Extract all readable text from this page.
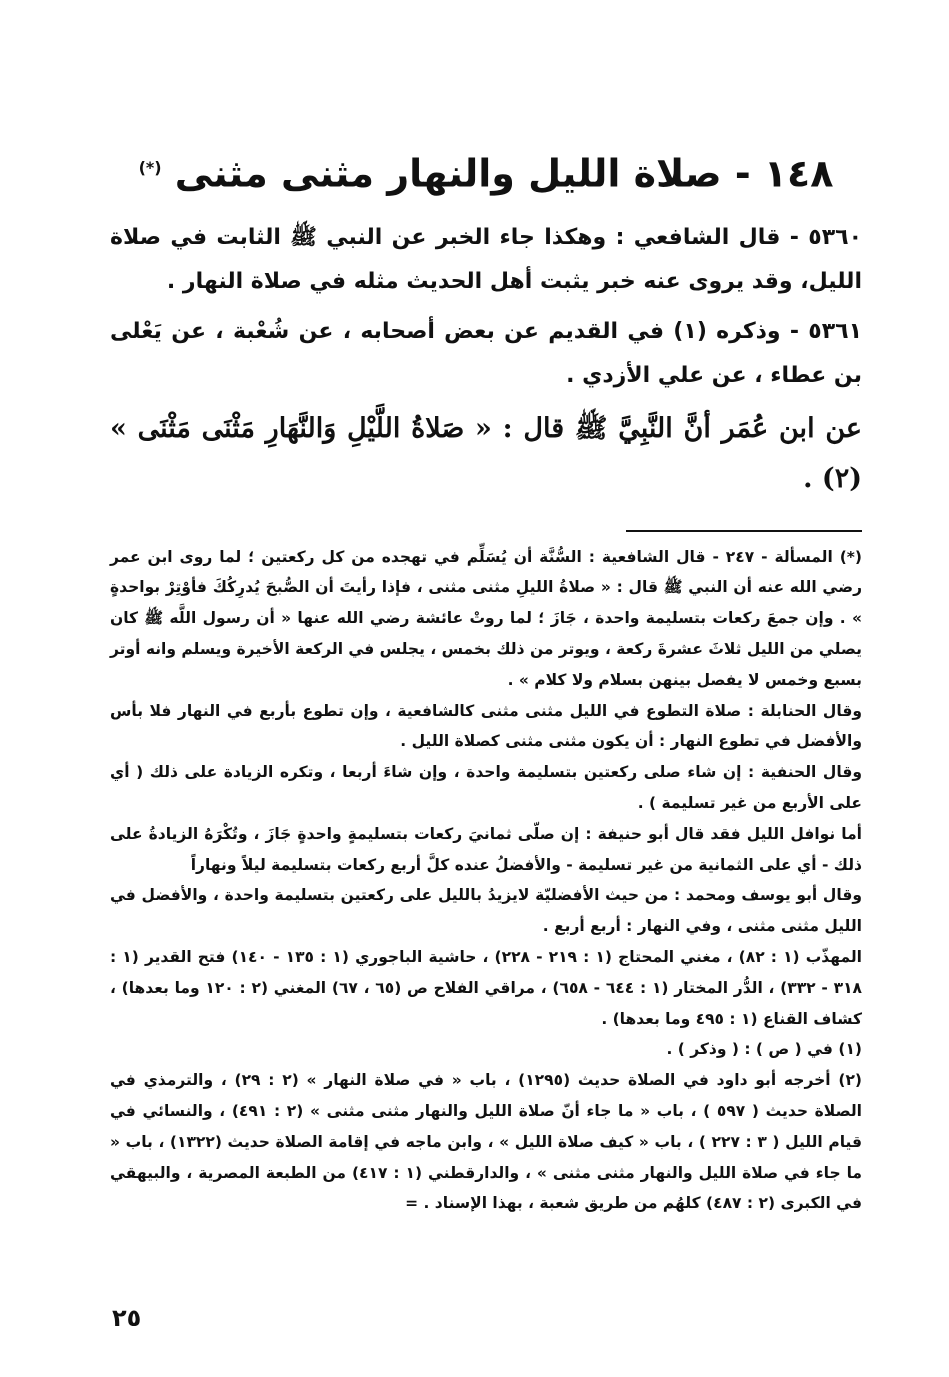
١٤٨ - صلاة الليل والنهار مثنى مثنى (*)

٥٣٦٠ - قال الشافعي : وهكذا جاء الخبر عن النبي ﷺ الثابت في صلاة الليل، وقد يروى عنه خبر يثبت أهل الحديث مثله في صلاة النهار .

٥٣٦١ - وذكره (١) في القديم عن بعض أصحابه ، عن شُعْبة ، عن يَعْلى بن عطاء ، عن علي الأزدي .

عن ابن عُمَر أنَّ النَّبِيَّ ﷺ قال : « صَلاةُ اللَّيْلِ وَالنَّهَارِ مَثْنَى مَثْنَى » (٢) .

(*) المسألة - ٢٤٧ - قال الشافعية : السُّنَّة أن يُسَلِّم في تهجده من كل ركعتين ؛ لما روى ابن عمر رضي الله عنه أن النبي ﷺ قال : « صلاةُ الليلِ مثنى مثنى ، فإذا رأيتَ أن الصُّبحَ يُدرِكُكَ فأوْتِرْ بواحدةٍ » . وإن جمعَ ركعات بتسليمة واحدة ، جَازَ ؛ لما روتْ عائشة رضي الله عنها « أن رسول اللَّه ﷺ كان يصلي من الليل ثلاثَ عشرةَ ركعة ، ويوتر من ذلك بخمس ، يجلس في الركعة الأخيرة ويسلم وانه أوتر بسبع وخمس لا يفصل بينهن بسلام ولا كلام » .

وقال الحنابلة : صلاة التطوع في الليل مثنى مثنى كالشافعية ، وإن تطوع بأربع في النهار فلا بأس والأفضل في تطوع النهار : أن يكون مثنى مثنى كصلاة الليل .

وقال الحنفية : إن شاء صلى ركعتين بتسليمة واحدة ، وإن شاءَ أربعا ، وتكره الزيادة على ذلك ( أي على الأربع من غير تسليمة ) .

أما نوافل الليل فقد قال أبو حنيفة : إن صلّى ثمانيَ ركعات بتسليمةٍ واحدةٍ جَازَ ، وتُكْرَهُ الزيادةُ على ذلك - أي على الثمانية من غير تسليمة - والأفضلُ عنده كلَّ أربع ركعات بتسليمة ليلاً ونهاراً

وقال أبو يوسف ومحمد : من حيث الأفضليّة لايزيدُ بالليل على ركعتين بتسليمة واحدة ، والأفضل في الليل مثنى مثنى ، وفي النهار : أربع أربع .

المهذّب (١ : ٨٢) ، مغني المحتاج (١ : ٢١٩ - ٢٢٨) ، حاشية الباجوري (١ : ١٣٥ - ١٤٠) فتح القدير (١ : ٣١٨ - ٣٣٢) ، الدُّر المختار (١ : ٦٤٤ - ٦٥٨) ، مراقي الفلاح ص (٦٥ ، ٦٧) المغني (٢ : ١٢٠ وما بعدها) ، كشاف القناع (١ : ٤٩٥ وما بعدها) .

(١) في ( ص ) : ( وذكر ) .

(٢) أخرجه أبو داود في الصلاة حديث (١٢٩٥) ، باب « في صلاة النهار » (٢ : ٢٩) ، والترمذي في الصلاة حديث ( ٥٩٧ ) ، باب « ما جاء أنّ صلاة الليل والنهار مثنى مثنى » (٢ : ٤٩١) ، والنسائي في قيام الليل ( ٣ : ٢٢٧ ) ، باب « كيف صلاة الليل » ، وابن ماجه في إقامة الصلاة حديث (١٣٢٢) ، باب « ما جاء في صلاة الليل والنهار مثنى مثنى » ، والدارقطني (١ : ٤١٧) من الطبعة المصرية ، والبيهقي في الكبرى (٢ : ٤٨٧) كلهُم من طريق شعبة ، بهذا الإسناد . =

٢٥
